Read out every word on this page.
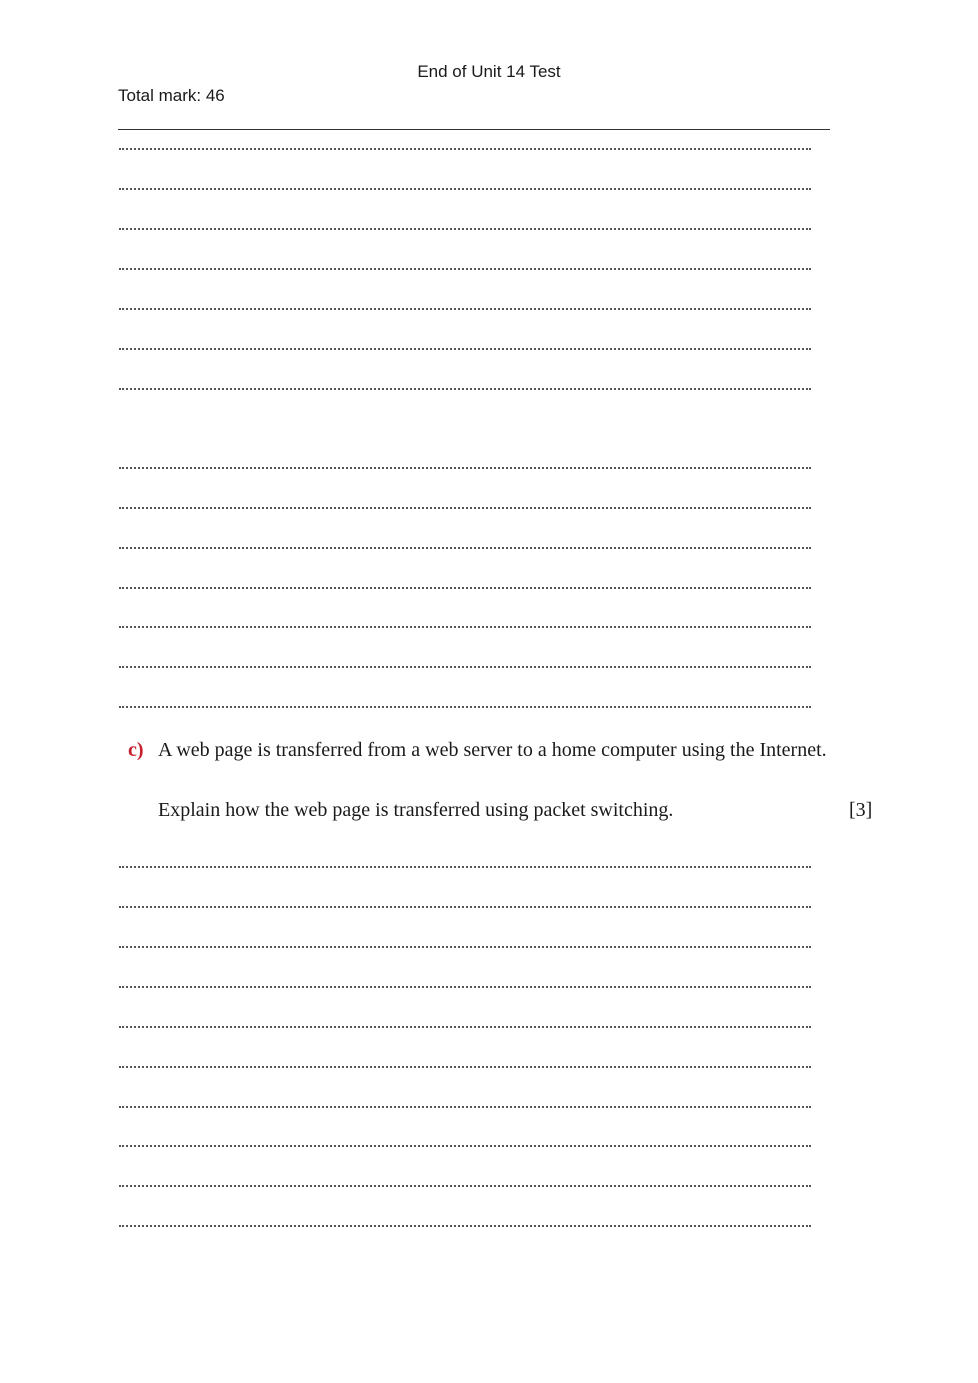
End of Unit 14 Test
Total mark: 46
c) A web page is transferred from a web server to a home computer using the Internet.
Explain how the web page is transferred using packet switching.	[3]
